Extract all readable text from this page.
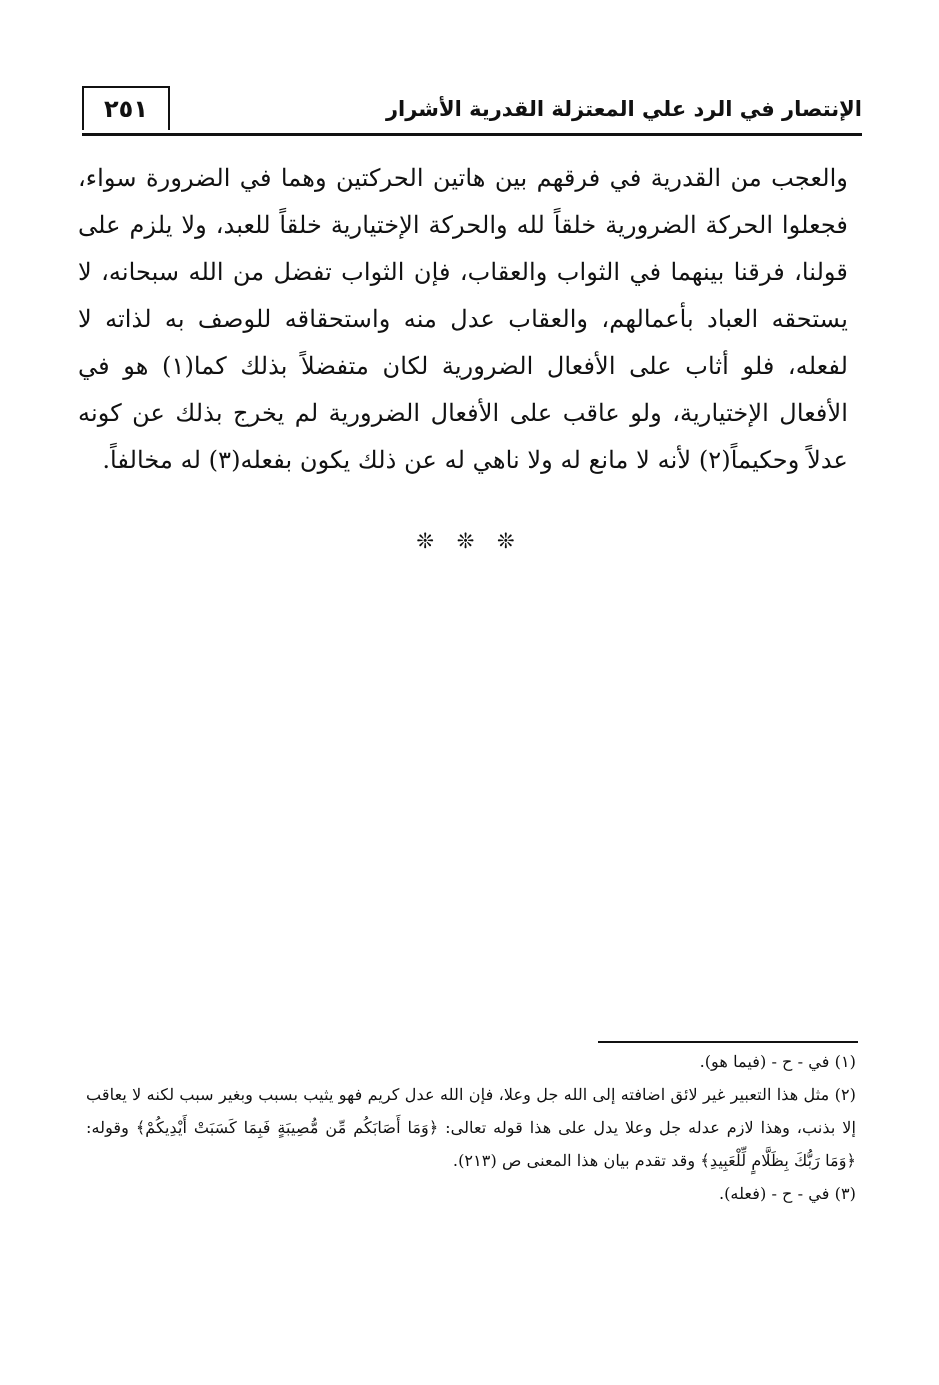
٢٥١	الإنتصار في الرد علي المعتزلة القدرية الأشرار
والعجب من القدرية في فرقهم بين هاتين الحركتين وهما في الضرورة سواء، فجعلوا الحركة الضرورية خلقاً لله والحركة الإختيارية خلقاً للعبد، ولا يلزم على قولنا، فرقنا بينهما في الثواب والعقاب، فإن الثواب تفضل من الله سبحانه، لا يستحقه العباد بأعمالهم، والعقاب عدل منه واستحقاقه للوصف به لذاته لا لفعله، فلو أثاب على الأفعال الضرورية لكان متفضلاً بذلك كما(١) هو في الأفعال الإختيارية، ولو عاقب على الأفعال الضرورية لم يخرج بذلك عن كونه عدلاً وحكيماً(٢) لأنه لا مانع له ولا ناهي له عن ذلك يكون بفعله(٣) له مخالفاً.
❊ ❊ ❊

(١) في - ح - (فيما هو).

(٢) مثل هذا التعبير غير لائق اضافته إلى الله جل وعلا، فإن الله عدل كريم فهو يثيب بسبب وبغير سبب لكنه لا يعاقب إلا بذنب، وهذا لازم عدله جل وعلا يدل على هذا قوله تعالى: ﴿وَمَا أَصَابَكُم مِّن مُّصِيبَةٍ فَبِمَا كَسَبَتْ أَيْدِيكُمْ﴾ وقوله: ﴿وَمَا رَبُّكَ بِظَلَّامٍ لِّلْعَبِيدِ﴾ وقد تقدم بيان هذا المعنى ص (٢١٣).

(٣) في - ح - (فعله).
